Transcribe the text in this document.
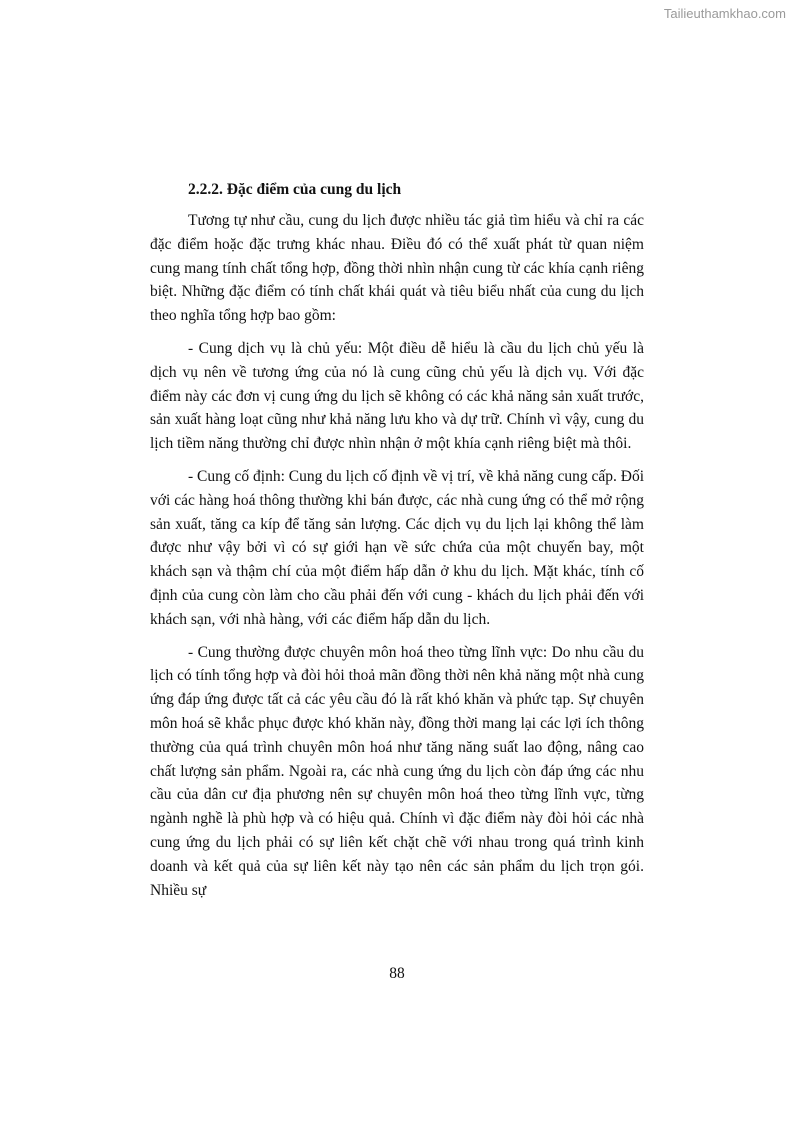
Tailieuthamkhao.com
2.2.2. Đặc điểm của cung du lịch

Tương tự như cầu, cung du lịch được nhiều tác giả tìm hiểu và chỉ ra các đặc điểm hoặc đặc trưng khác nhau. Điều đó có thể xuất phát từ quan niệm cung mang tính chất tổng hợp, đồng thời nhìn nhận cung từ các khía cạnh riêng biệt. Những đặc điểm có tính chất khái quát và tiêu biểu nhất của cung du lịch theo nghĩa tổng hợp bao gồm:

- Cung dịch vụ là chủ yếu: Một điều dễ hiểu là cầu du lịch chủ yếu là dịch vụ nên về tương ứng của nó là cung cũng chủ yếu là dịch vụ. Với đặc điểm này các đơn vị cung ứng du lịch sẽ không có các khả năng sản xuất trước, sản xuất hàng loạt cũng như khả năng lưu kho và dự trữ. Chính vì vậy, cung du lịch tiềm năng thường chỉ được nhìn nhận ở một khía cạnh riêng biệt mà thôi.

- Cung cố định: Cung du lịch cố định về vị trí, về khả năng cung cấp. Đối với các hàng hoá thông thường khi bán được, các nhà cung ứng có thể mở rộng sản xuất, tăng ca kíp để tăng sản lượng. Các dịch vụ du lịch lại không thể làm được như vậy bởi vì có sự giới hạn về sức chứa của một chuyến bay, một khách sạn và thậm chí của một điểm hấp dẫn ở khu du lịch. Mặt khác, tính cố định của cung còn làm cho cầu phải đến với cung - khách du lịch phải đến với khách sạn, với nhà hàng, với các điểm hấp dẫn du lịch.

- Cung thường được chuyên môn hoá theo từng lĩnh vực: Do nhu cầu du lịch có tính tổng hợp và đòi hỏi thoả mãn đồng thời nên khả năng một nhà cung ứng đáp ứng được tất cả các yêu cầu đó là rất khó khăn và phức tạp. Sự chuyên môn hoá sẽ khắc phục được khó khăn này, đồng thời mang lại các lợi ích thông thường của quá trình chuyên môn hoá như tăng năng suất lao động, nâng cao chất lượng sản phẩm. Ngoài ra, các nhà cung ứng du lịch còn đáp ứng các nhu cầu của dân cư địa phương nên sự chuyên môn hoá theo từng lĩnh vực, từng ngành nghề là phù hợp và có hiệu quả. Chính vì đặc điểm này đòi hỏi các nhà cung ứng du lịch phải có sự liên kết chặt chẽ với nhau trong quá trình kinh doanh và kết quả của sự liên kết này tạo nên các sản phẩm du lịch trọn gói. Nhiều sự

88
